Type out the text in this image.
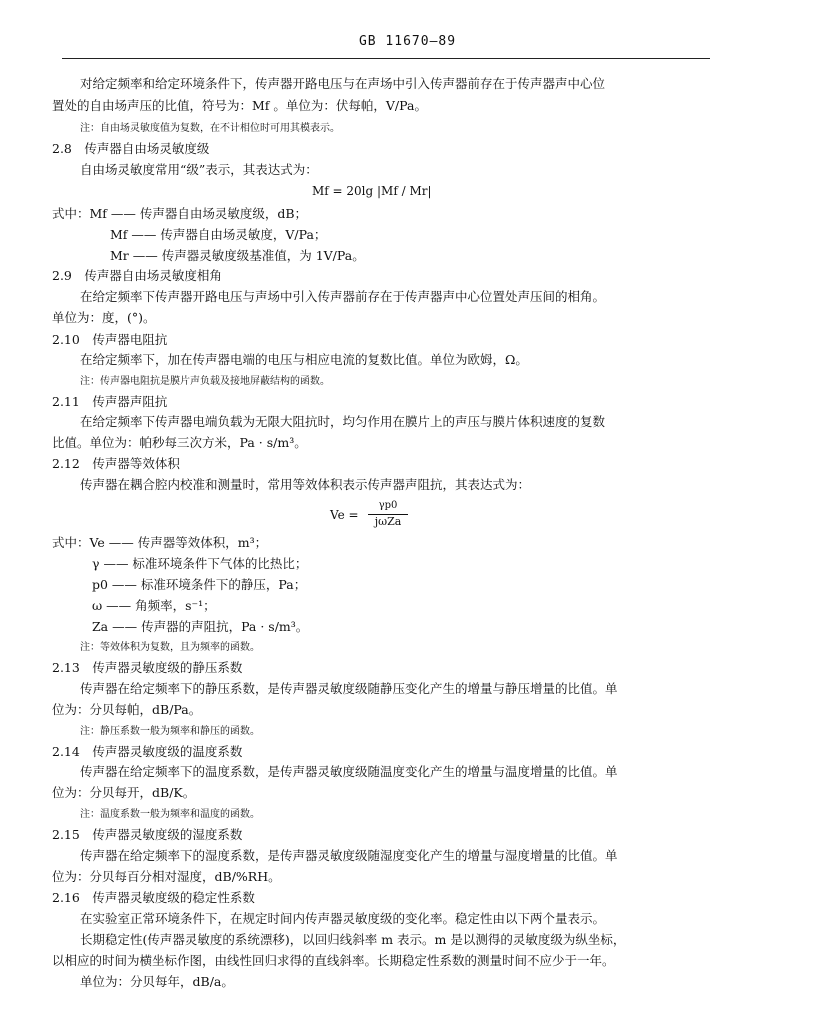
GB 11670—89
对给定频率和给定环境条件下，传声器开路电压与在声场中引入传声器前存在于传声器声中心位
置处的自由场声压的比值，符号为：Mf 。单位为：伏每帕，V/Pa。
注：自由场灵敏度值为复数，在不计相位时可用其模表示。
2.8　传声器自由场灵敏度级
自由场灵敏度常用“级”表示，其表达式为：
Mf = 20lg |Mf / Mr|
式中：Mf —— 传声器自由场灵敏度级，dB；
Mf —— 传声器自由场灵敏度，V/Pa；
Mr —— 传声器灵敏度级基准值，为 1V/Pa。
2.9　传声器自由场灵敏度相角
在给定频率下传声器开路电压与声场中引入传声器前存在于传声器声中心位置处声压间的相角。
单位为：度，(°)。
2.10　传声器电阻抗
在给定频率下，加在传声器电端的电压与相应电流的复数比值。单位为欧姆，Ω。
注：传声器电阻抗是膜片声负载及接地屏蔽结构的函数。
2.11　传声器声阻抗
在给定频率下传声器电端负载为无限大阻抗时，均匀作用在膜片上的声压与膜片体积速度的复数
比值。单位为：帕秒每三次方米，Pa · s/m³。
2.12　传声器等效体积
传声器在耦合腔内校准和测量时，常用等效体积表示传声器声阻抗，其表达式为：
Ve =
γp0
jωZa
式中：Ve —— 传声器等效体积，m³；
γ —— 标准环境条件下气体的比热比；
p0 —— 标准环境条件下的静压，Pa；
ω —— 角频率，s⁻¹；
Za —— 传声器的声阻抗，Pa · s/m³。
注：等效体积为复数，且为频率的函数。
2.13　传声器灵敏度级的静压系数
传声器在给定频率下的静压系数，是传声器灵敏度级随静压变化产生的增量与静压增量的比值。单
位为：分贝每帕，dB/Pa。
注：静压系数一般为频率和静压的函数。
2.14　传声器灵敏度级的温度系数
传声器在给定频率下的温度系数，是传声器灵敏度级随温度变化产生的增量与温度增量的比值。单
位为：分贝每开，dB/K。
注：温度系数一般为频率和温度的函数。
2.15　传声器灵敏度级的湿度系数
传声器在给定频率下的湿度系数，是传声器灵敏度级随湿度变化产生的增量与湿度增量的比值。单
位为：分贝每百分相对湿度，dB/%RH。
2.16　传声器灵敏度级的稳定性系数
在实验室正常环境条件下，在规定时间内传声器灵敏度级的变化率。稳定性由以下两个量表示。
长期稳定性(传声器灵敏度的系统漂移)，以回归线斜率 m 表示。m 是以测得的灵敏度级为纵坐标，
以相应的时间为横坐标作图，由线性回归求得的直线斜率。长期稳定性系数的测量时间不应少于一年。
单位为：分贝每年，dB/a。
